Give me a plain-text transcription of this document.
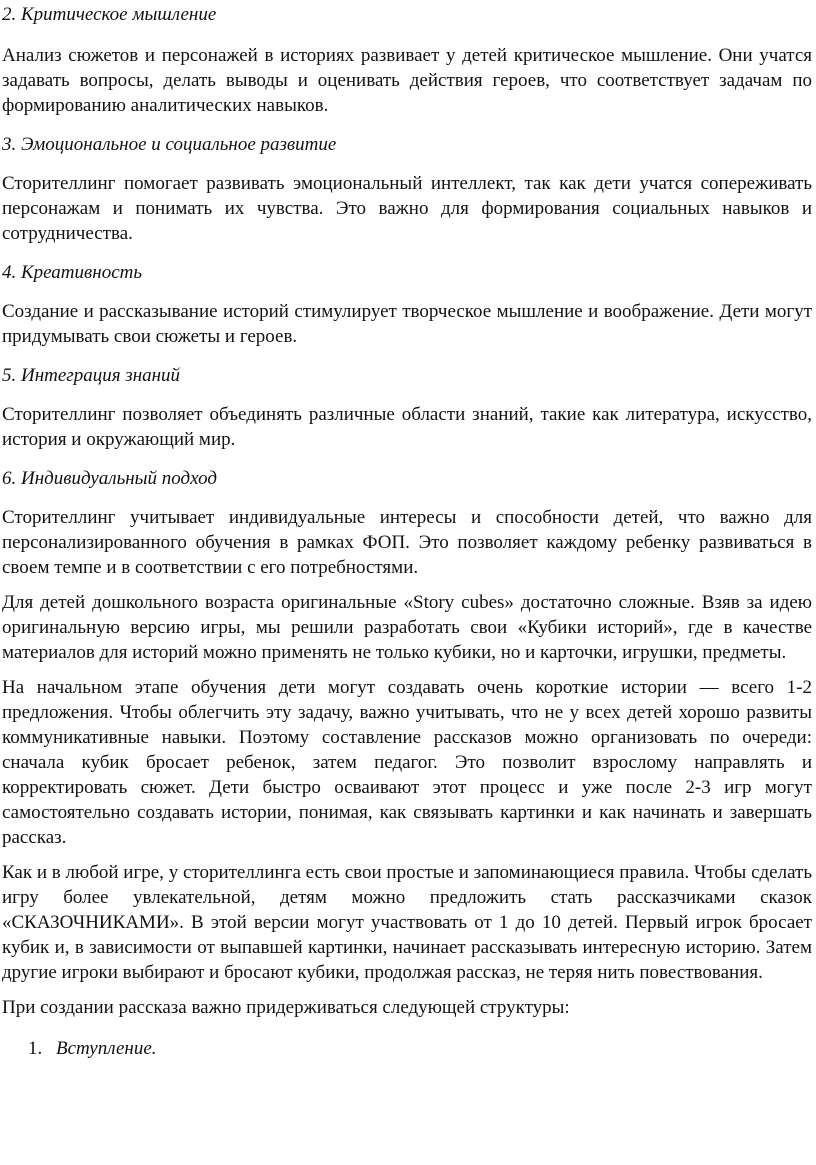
2. Критическое мышление

Анализ сюжетов и персонажей в историях развивает у детей критическое мышление. Они учатся задавать вопросы, делать выводы и оценивать действия героев, что соответствует задачам по формированию аналитических навыков.

3. Эмоциональное и социальное развитие

Сторителлинг помогает развивать эмоциональный интеллект, так как дети учатся сопереживать персонажам и понимать их чувства. Это важно для формирования социальных навыков и сотрудничества.

4. Креативность

Создание и рассказывание историй стимулирует творческое мышление и воображение. Дети могут придумывать свои сюжеты и героев.

5. Интеграция знаний

Сторителлинг позволяет объединять различные области знаний, такие как литература, искусство, история и окружающий мир.

6. Индивидуальный подход

Сторителлинг учитывает индивидуальные интересы и способности детей, что важно для персонализированного обучения в рамках ФОП. Это позволяет каждому ребенку развиваться в своем темпе и в соответствии с его потребностями.

Для детей дошкольного возраста оригинальные «Story cubes» достаточно сложные. Взяв за идею оригинальную версию игры, мы решили разработать свои «Кубики историй», где в качестве материалов для историй можно применять не только кубики, но и карточки, игрушки, предметы.

На начальном этапе обучения дети могут создавать очень короткие истории — всего 1-2 предложения. Чтобы облегчить эту задачу, важно учитывать, что не у всех детей хорошо развиты коммуникативные навыки. Поэтому составление рассказов можно организовать по очереди: сначала кубик бросает ребенок, затем педагог. Это позволит взрослому направлять и корректировать сюжет. Дети быстро осваивают этот процесс и уже после 2-3 игр могут самостоятельно создавать истории, понимая, как связывать картинки и как начинать и завершать рассказ.

Как и в любой игре, у сторителлинга есть свои простые и запоминающиеся правила. Чтобы сделать игру более увлекательной, детям можно предложить стать рассказчиками сказок «СКАЗОЧНИКАМИ». В этой версии могут участвовать от 1 до 10 детей. Первый игрок бросает кубик и, в зависимости от выпавшей картинки, начинает рассказывать интересную историю. Затем другие игроки выбирают и бросают кубики, продолжая рассказ, не теряя нить повествования.

При создании рассказа важно придерживаться следующей структуры:

1. Вступление.
